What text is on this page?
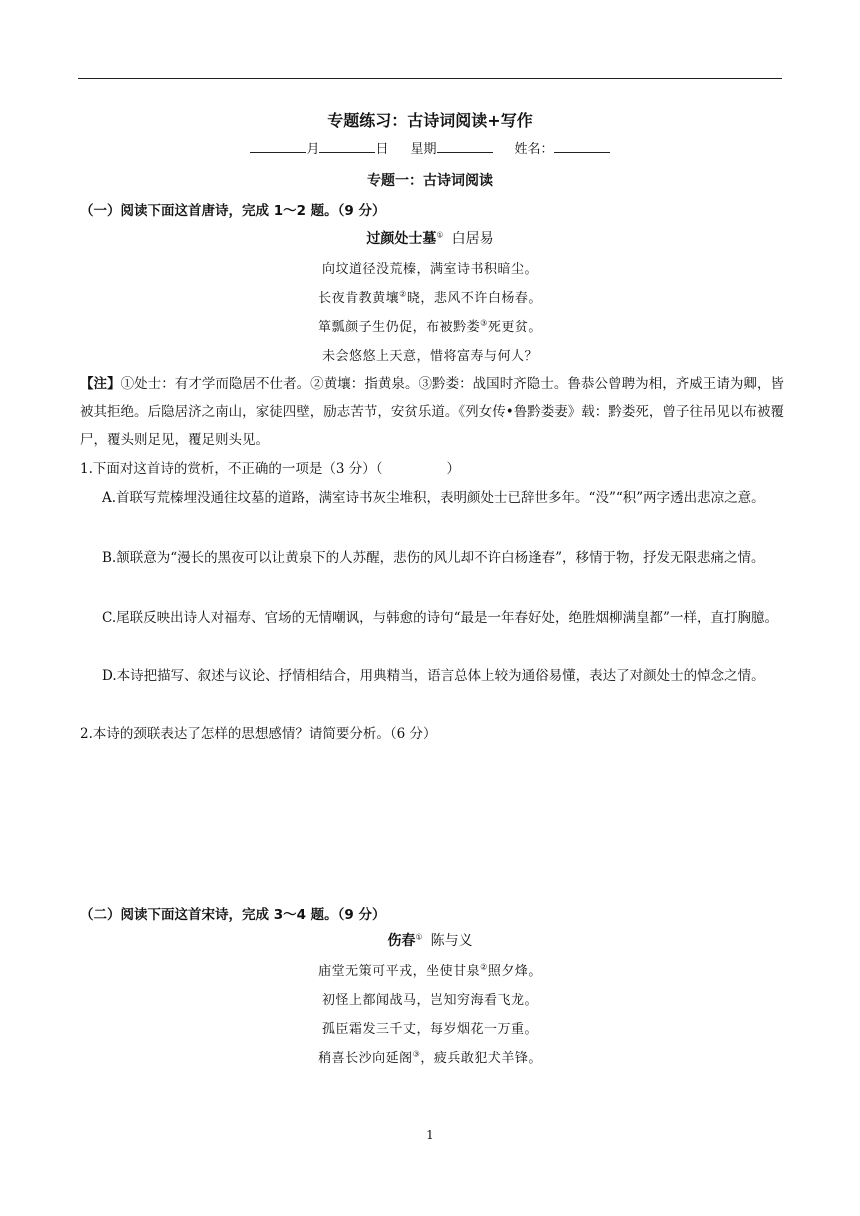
专题练习：古诗词阅读+写作
月	日 星期	姓名：
专题一：古诗词阅读
（一）阅读下面这首唐诗，完成 1～2 题。（9 分）
过颜处士墓① 白居易
向坟道径没荒榛，满室诗书积暗尘。
长夜肯教黄壤②晓，悲风不许白杨春。
箪瓢颜子生仍促，布被黔娄③死更贫。
未会悠悠上天意，惜将富寿与何人？
【注】①处士：有才学而隐居不仕者。②黄壤：指黄泉。③黔娄：战国时齐隐士。鲁恭公曾聘为相，齐威王请为卿，皆被其拒绝。后隐居济之南山，家徒四壁，励志苦节，安贫乐道。《列女传•鲁黔娄妻》载：黔娄死，曾子往吊见以布被覆尸，覆头则足见，覆足则头见。
1.下面对这首诗的赏析，不正确的一项是（3 分）（	）
A.首联写荒榛埋没通往坟墓的道路，满室诗书灰尘堆积，表明颜处士已辞世多年。“没”“积”两字透出悲凉之意。
B.颔联意为“漫长的黑夜可以让黄泉下的人苏醒，悲伤的风儿却不许白杨逢春”，移情于物，抒发无限悲痛之情。
C.尾联反映出诗人对福寿、官场的无情嘲讽，与韩愈的诗句“最是一年春好处，绝胜烟柳满皇都”一样，直打胸臆。
D.本诗把描写、叙述与议论、抒情相结合，用典精当，语言总体上较为通俗易懂，表达了对颜处士的悼念之情。
2.本诗的颈联表达了怎样的思想感情？请简要分析。（6 分）
（二）阅读下面这首宋诗，完成 3～4 题。（9 分）
伤春① 陈与义
庙堂无策可平戎，坐使甘泉②照夕烽。
初怪上都闻战马，岂知穷海看飞龙。
孤臣霜发三千丈，每岁烟花一万重。
稍喜长沙向延阁③，疲兵敢犯犬羊锋。
1
